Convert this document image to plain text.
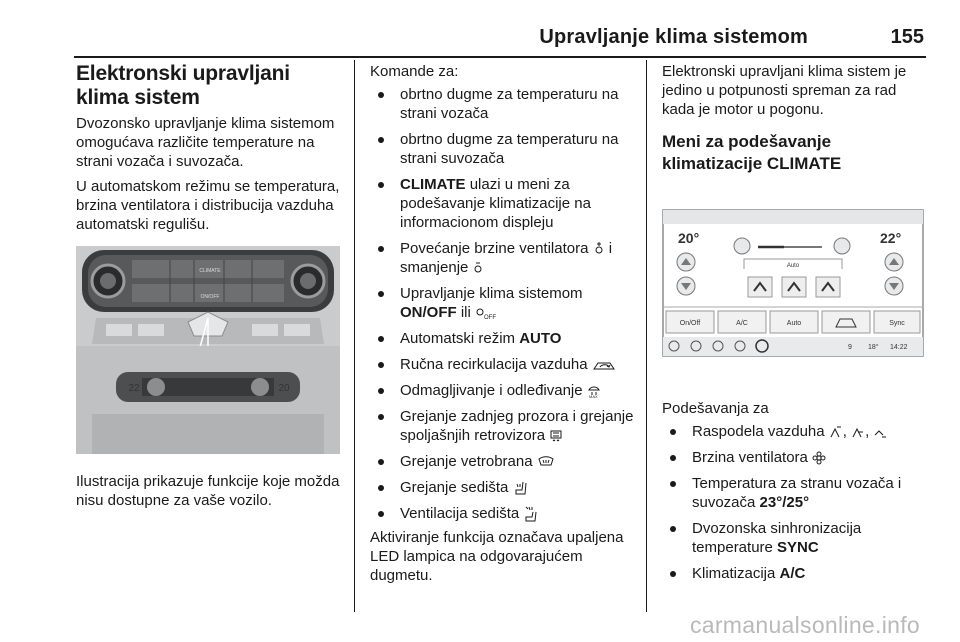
Upravljanje klima sistemom	155
Elektronski upravljani klima sistem

Dvozonsko upravljanje klima sistemom omogućava različite temperature na strani vozača i suvozača.

U automatskom režimu se temperatura, brzina ventilatora i distribucija vazduha automatski regulišu.

CLIMATE
ON/OFF
22	20

Ilustracija prikazuje funkcije koje možda nisu dostupne za vaše vozilo.

Komande za:

obrtno dugme za temperaturu na strani vozača
obrtno dugme za temperaturu na strani suvozača
CLIMATE ulazi u meni za podešavanje klimatizacije na informacionom displeju
Povećanje brzine ventilatora  i smanjenje
Upravljanje klima sistemom ON/OFF ili OFF
Automatski režim AUTO
Ručna recirkulacija vazduha
Odmagljivanje i odleđivanje MAX
Grejanje zadnjeg prozora i grejanje spoljašnjih retrovizora
Grejanje vetrobrana
Grejanje sedišta
Ventilacija sedišta

Aktiviranje funkcija označava upaljena LED lampica na odgovarajućem dugmetu.

Elektronski upravljani klima sistem je jedino u potpunosti spreman za rad kada je motor u pogonu.

Meni za podešavanje klimatizacije CLIMATE
20°	22°
Auto
On/Off	A/C	Auto	Sync
9 18° 14:22

Podešavanja za

Raspodela vazduha , ,
Brzina ventilatora
Temperatura za stranu vozača i suvozača 23°/25°
Dvozonska sinhronizacija temperature SYNC
Klimatizacija A/C
carmanualsonline.info
